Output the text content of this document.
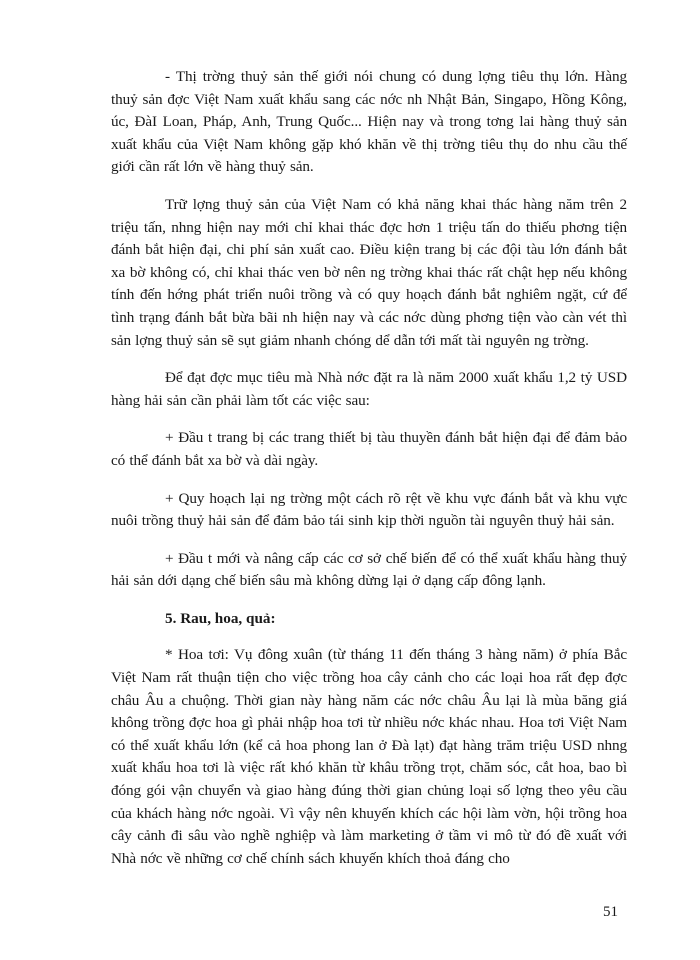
- Thị trờng thuỷ sản thế giới nói chung có dung lợng tiêu thụ lớn. Hàng thuỷ sản đợc Việt Nam xuất khẩu sang các nớc nh Nhật Bản, Singapo, Hồng Kông, úc, ĐàI Loan, Pháp, Anh, Trung Quốc... Hiện nay và trong tơng lai hàng thuỷ sản xuất khẩu của Việt Nam không gặp khó khăn về thị trờng tiêu thụ do nhu cầu thế giới cần rất lớn về hàng thuỷ sản.

Trữ lợng thuỷ sản của Việt Nam có khả năng khai thác hàng năm trên 2 triệu tấn, nhng hiện nay mới chỉ khai thác đợc hơn 1 triệu tấn do thiếu phơng tiện đánh bắt hiện đại, chi phí sản xuất cao. Điều kiện trang bị các đội tàu lớn đánh bắt xa bờ không có, chỉ khai thác ven bờ nên ng trờng khai thác rất chật hẹp nếu không tính đến hớng phát triển nuôi trồng và có quy hoạch đánh bắt nghiêm ngặt, cứ để tình trạng đánh bắt bừa bãi nh hiện nay và các nớc dùng phơng tiện vào càn vét thì sản lợng thuỷ sản sẽ sụt giảm nhanh chóng dể dẫn tới mất tài nguyên ng trờng.

Để đạt đợc mục tiêu mà Nhà nớc đặt ra là năm 2000 xuất khẩu 1,2 tỷ USD hàng hải sản cần phải làm tốt các việc sau:

+ Đầu t trang bị các trang thiết bị tàu thuyền đánh bắt hiện đại để đảm bảo có thể đánh bắt xa bờ và dài ngày.

+ Quy hoạch lại ng trờng một cách rõ rệt về khu vực đánh bắt và khu vực nuôi trồng thuỷ hải sản để đảm bảo tái sinh kịp thời nguồn tài nguyên thuỷ hải sản.

+ Đầu t mới và nâng cấp các cơ sở chế biến để có thể xuất khẩu hàng thuỷ hải sản dới dạng chế biến sâu mà không dừng lại ở dạng cấp đông lạnh.

5. Rau, hoa, quả:

* Hoa tơi: Vụ đông xuân (từ tháng 11 đến tháng 3 hàng năm) ở phía Bắc Việt Nam rất thuận tiện cho việc trồng hoa cây cảnh cho các loại hoa rất đẹp đợc châu Âu a chuộng. Thời gian này hàng năm các nớc châu Âu lại là mùa băng giá không trồng đợc hoa gì phải nhập hoa tơi từ nhiều nớc khác nhau. Hoa tơi Việt Nam có thể xuất khẩu lớn (kể cả hoa phong lan ở Đà lạt) đạt hàng trăm triệu USD nhng xuất khẩu hoa tơi là việc rất khó khăn từ khâu trồng trọt, chăm sóc, cắt hoa, bao bì đóng gói vận chuyển và giao hàng đúng thời gian chủng loại số lợng theo yêu cầu của khách hàng nớc ngoài. Vì vậy nên khuyến khích các hội làm vờn, hội trồng hoa cây cảnh đi sâu vào nghề nghiệp và làm marketing ở tầm vi mô từ đó đề xuất với Nhà nớc về những cơ chế chính sách khuyến khích thoả đáng cho

51
